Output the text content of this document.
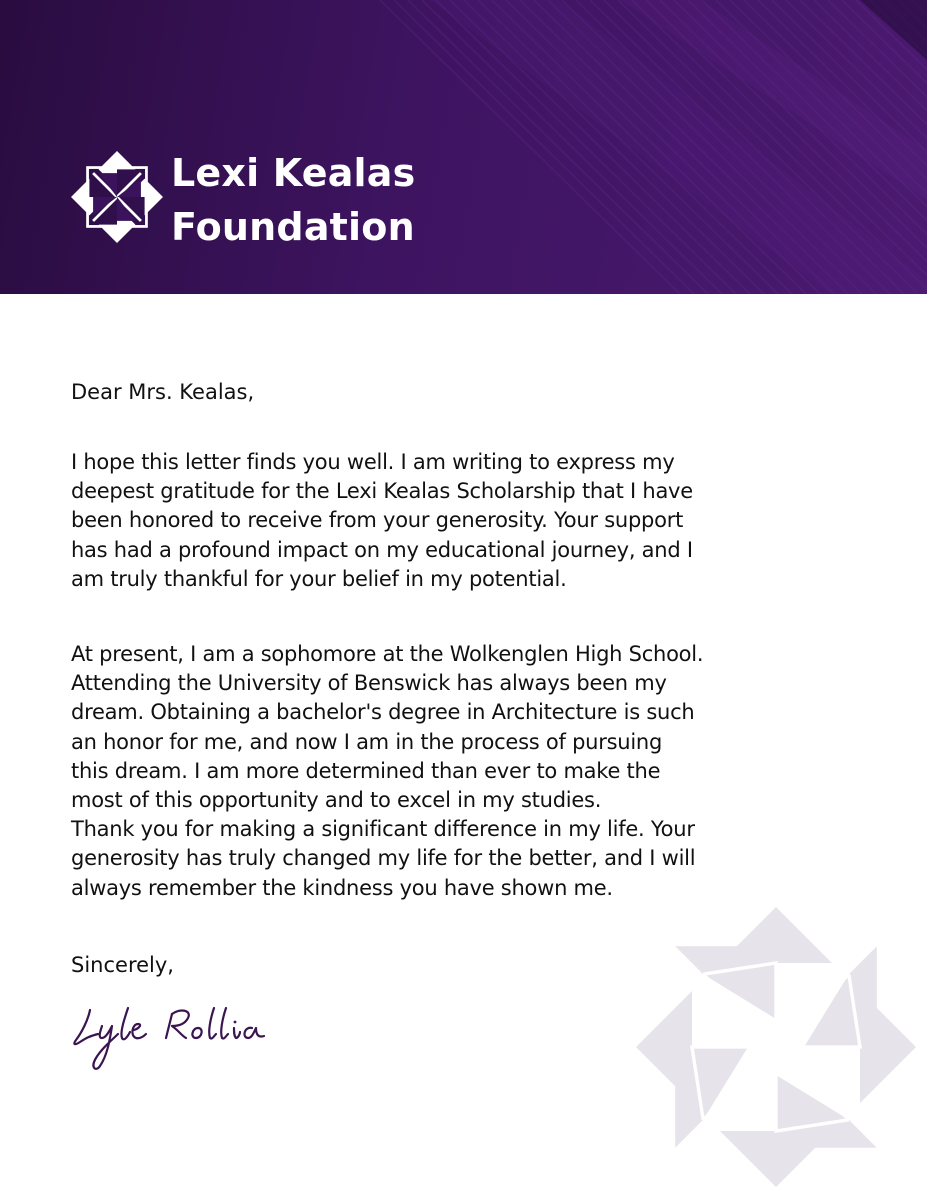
Lexi Kealas
Foundation

Dear Mrs. Kealas,

I hope this letter finds you well. I am writing to express my
deepest gratitude for the Lexi Kealas Scholarship that I have
been honored to receive from your generosity. Your support
has had a profound impact on my educational journey, and I
am truly thankful for your belief in my potential.

At present, I am a sophomore at the Wolkenglen High School.
Attending the University of Benswick has always been my
dream. Obtaining a bachelor's degree in Architecture is such
an honor for me, and now I am in the process of pursuing
this dream. I am more determined than ever to make the
most of this opportunity and to excel in my studies.
Thank you for making a significant difference in my life. Your
generosity has truly changed my life for the better, and I will
always remember the kindness you have shown me.

Sincerely,
